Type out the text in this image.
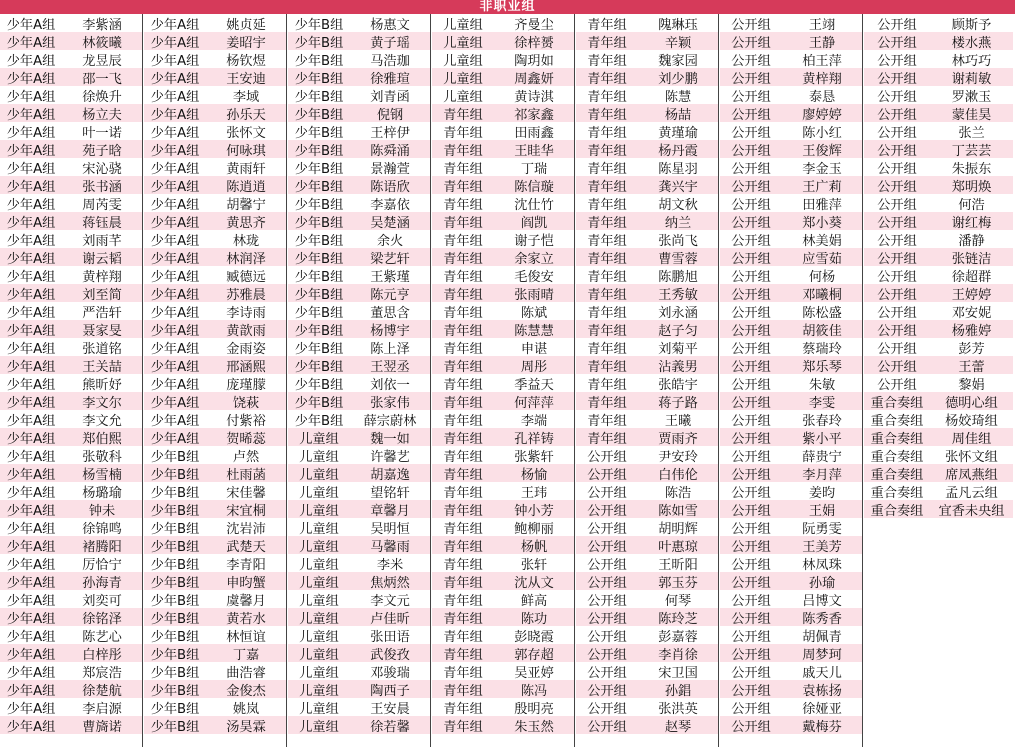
非职业组
少年A组	李紫涵
少年A组	林筱曦
少年A组	龙昱辰
少年A组	邵一飞
少年A组	徐焕升
少年A组	杨立夫
少年A组	叶一诺
少年A组	苑子晗
少年A组	宋沁骁
少年A组	张书涵
少年A组	周芮雯
少年A组	蒋钰晨
少年A组	刘雨芊
少年A组	谢云韬
少年A组	黄梓翔
少年A组	刘至简
少年A组	严浩轩
少年A组	聂家旻
少年A组	张道铭
少年A组	王关喆
少年A组	熊昕妤
少年A组	李文尔
少年A组	李文允
少年A组	郑伯熙
少年A组	张敬科
少年A组	杨雪楠
少年A组	杨璐瑜
少年A组	钟未
少年A组	徐锦鸣
少年A组	褚腾阳
少年A组	厉恰宁
少年A组	孙海青
少年A组	刘奕可
少年A组	徐铭泽
少年A组	陈艺心
少年A组	白梓彤
少年A组	郑宸浩
少年A组	徐楚航
少年A组	李启源
少年A组	曹旖诺
少年A组	姚贞延
少年A组	姜昭宇
少年A组	杨钦煜
少年A组	王安迪
少年A组	李域
少年A组	孙乐天
少年A组	张怀文
少年A组	何咏琪
少年A组	黄雨轩
少年A组	陈逍逍
少年A组	胡馨宁
少年A组	黄思齐
少年A组	林珑
少年A组	林润泽
少年A组	臧德远
少年A组	苏雅晨
少年A组	李诗雨
少年A组	黄歆雨
少年A组	金雨姿
少年A组	邢涵熙
少年A组	庞瑾朦
少年A组	饶萩
少年A组	付紫裕
少年A组	贺晞蕊
少年B组	卢然
少年B组	杜雨菡
少年B组	宋佳馨
少年B组	宋宜桐
少年B组	沈岩沛
少年B组	武楚天
少年B组	李青阳
少年B组	申昀蟹
少年B组	虞馨月
少年B组	黄若水
少年B组	林恒谊
少年B组	丁嘉
少年B组	曲浩睿
少年B组	金俊杰
少年B组	姚岚
少年B组	汤昊霖
少年B组	杨惠文
少年B组	黄子瑶
少年B组	马浩珈
少年B组	徐雅瑄
少年B组	刘青函
少年B组	倪钢
少年B组	王梓伊
少年B组	陈舜涌
少年B组	景瀚萱
少年B组	陈语欣
少年B组	李嘉依
少年B组	吴楚涵
少年B组	余火
少年B组	梁艺轩
少年B组	王紫瑾
少年B组	陈元亨
少年B组	董思含
少年B组	杨博宇
少年B组	陈上泽
少年B组	王翌丞
少年B组	刘依一
少年B组	张家伟
少年B组	薛宗蔚林
儿童组	魏一如
儿童组	许馨艺
儿童组	胡嘉逸
儿童组	望铭轩
儿童组	章馨月
儿童组	吴明恒
儿童组	马馨雨
儿童组	李米
儿童组	焦炳然
儿童组	李文元
儿童组	卢佳昕
儿童组	张田语
儿童组	武俊孜
儿童组	邓骏瑞
儿童组	陶西子
儿童组	王安晨
儿童组	徐若馨
儿童组	齐曼尘
儿童组	徐梓赟
儿童组	陶玥如
儿童组	周鑫妍
儿童组	黄诗淇
青年组	祁家鑫
青年组	田雨鑫
青年组	王眭华
青年组	丁瑞
青年组	陈信璇
青年组	沈仕竹
青年组	阎凯
青年组	谢子恺
青年组	余家立
青年组	毛俊安
青年组	张雨晴
青年组	陈斌
青年组	陈慧慧
青年组	申谌
青年组	周彤
青年组	季益天
青年组	何萍萍
青年组	李端
青年组	孔祥铸
青年组	张紫轩
青年组	杨愉
青年组	王玮
青年组	钟小芳
青年组	鲍柳丽
青年组	杨帆
青年组	张轩
青年组	沈从文
青年组	鲜高
青年组	陈功
青年组	彭晓霞
青年组	郭存超
青年组	吴亚婷
青年组	陈冯
青年组	殷明亮
青年组	朱玉然
青年组	隗琳珏
青年组	辛颖
青年组	魏家园
青年组	刘少鹏
青年组	陈慧
青年组	杨喆
青年组	黄瑾瑜
青年组	杨丹霞
青年组	陈星羽
青年组	龚兴宇
青年组	胡文秋
青年组	纳兰
青年组	张尚飞
青年组	曹雪蓉
青年组	陈鹏旭
青年组	王秀敏
青年组	刘永涵
青年组	赵子匀
青年组	刘菊平
青年组	沾義男
青年组	张皓宇
青年组	蒋子路
青年组	王曦
青年组	贾雨齐
公开组	尹安玲
公开组	白伟伦
公开组	陈浩
公开组	陈如雪
公开组	胡明辉
公开组	叶惠琼
公开组	王昕阳
公开组	郭玉芬
公开组	何琴
公开组	陈玲芝
公开组	彭嘉蓉
公开组	李肖徐
公开组	宋卫国
公开组	孙錩
公开组	张洪英
公开组	赵琴
公开组	王翊
公开组	王静
公开组	柏王萍
公开组	黄梓翔
公开组	泰恳
公开组	廖婷婷
公开组	陈小红
公开组	王俊辉
公开组	李金玉
公开组	王广莉
公开组	田雅萍
公开组	郑小葵
公开组	林美娟
公开组	应雪茹
公开组	何杨
公开组	邓曦桐
公开组	陈松盛
公开组	胡筱佳
公开组	蔡瑞玲
公开组	郑乐琴
公开组	朱敏
公开组	李雯
公开组	张春玲
公开组	紫小平
公开组	薛贵宁
公开组	李月萍
公开组	姜昀
公开组	王娟
公开组	阮勇雯
公开组	王美芳
公开组	林凤珠
公开组	孙瑜
公开组	吕博文
公开组	陈秀香
公开组	胡佩青
公开组	周梦珂
公开组	戚天儿
公开组	袁栋扬
公开组	徐娅亚
公开组	戴梅芬
公开组	顾斯予
公开组	楼水燕
公开组	林巧巧
公开组	谢莉敏
公开组	罗漱玉
公开组	蒙佳昊
公开组	张兰
公开组	丁芸芸
公开组	朱振东
公开组	郑明焕
公开组	何浩
公开组	谢红梅
公开组	潘静
公开组	张链洁
公开组	徐超群
公开组	王婷婷
公开组	邓安妮
公开组	杨雅婷
公开组	彭芳
公开组	王蕾
公开组	黎娟
重合奏组	德明心组
重合奏组	杨姣琦组
重合奏组	周佳组
重合奏组	张怀文组
重合奏组	席凤燕组
重合奏组	孟凡云组
重合奏组	宜香未央组
